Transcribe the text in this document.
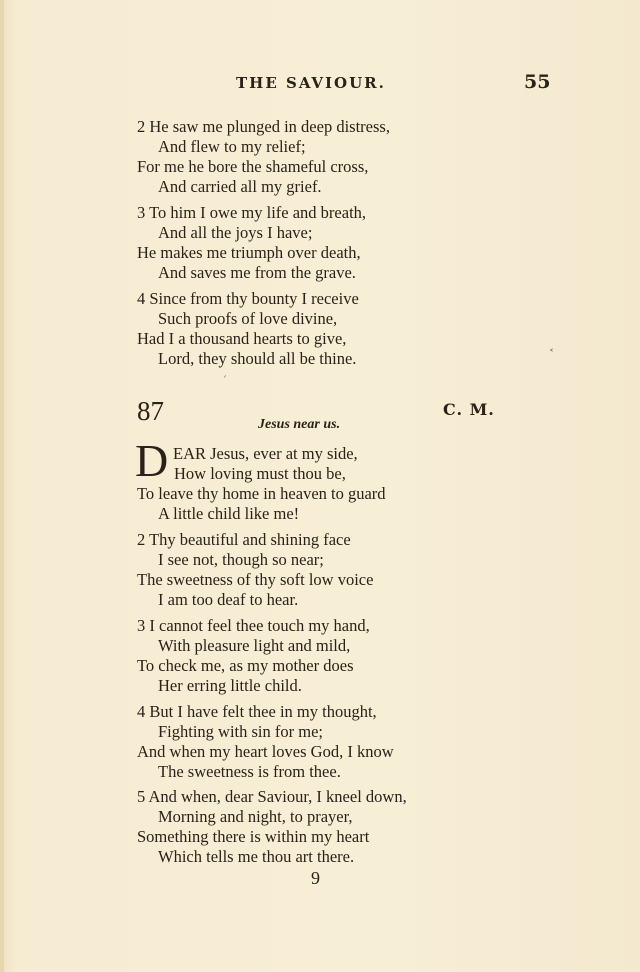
THE SAVIOUR.	55
2 He saw me plunged in deep distress,
And flew to my relief;
For me he bore the shameful cross,
And carried all my grief.
3 To him I owe my life and breath,
And all the joys I have;
He makes me triumph over death,
And saves me from the grave.
4 Since from thy bounty I receive
Such proofs of love divine,
Had I a thousand hearts to give,
Lord, they should all be thine.
ˊ
˂
87	C. M.
Jesus near us.
D EAR Jesus, ever at my side,
How loving must thou be,
To leave thy home in heaven to guard
A little child like me!
2 Thy beautiful and shining face
I see not, though so near;
The sweetness of thy soft low voice
I am too deaf to hear.
3 I cannot feel thee touch my hand,
With pleasure light and mild,
To check me, as my mother does
Her erring little child.
4 But I have felt thee in my thought,
Fighting with sin for me;
And when my heart loves God, I know
The sweetness is from thee.
5 And when, dear Saviour, I kneel down,
Morning and night, to prayer,
Something there is within my heart
Which tells me thou art there.
9
